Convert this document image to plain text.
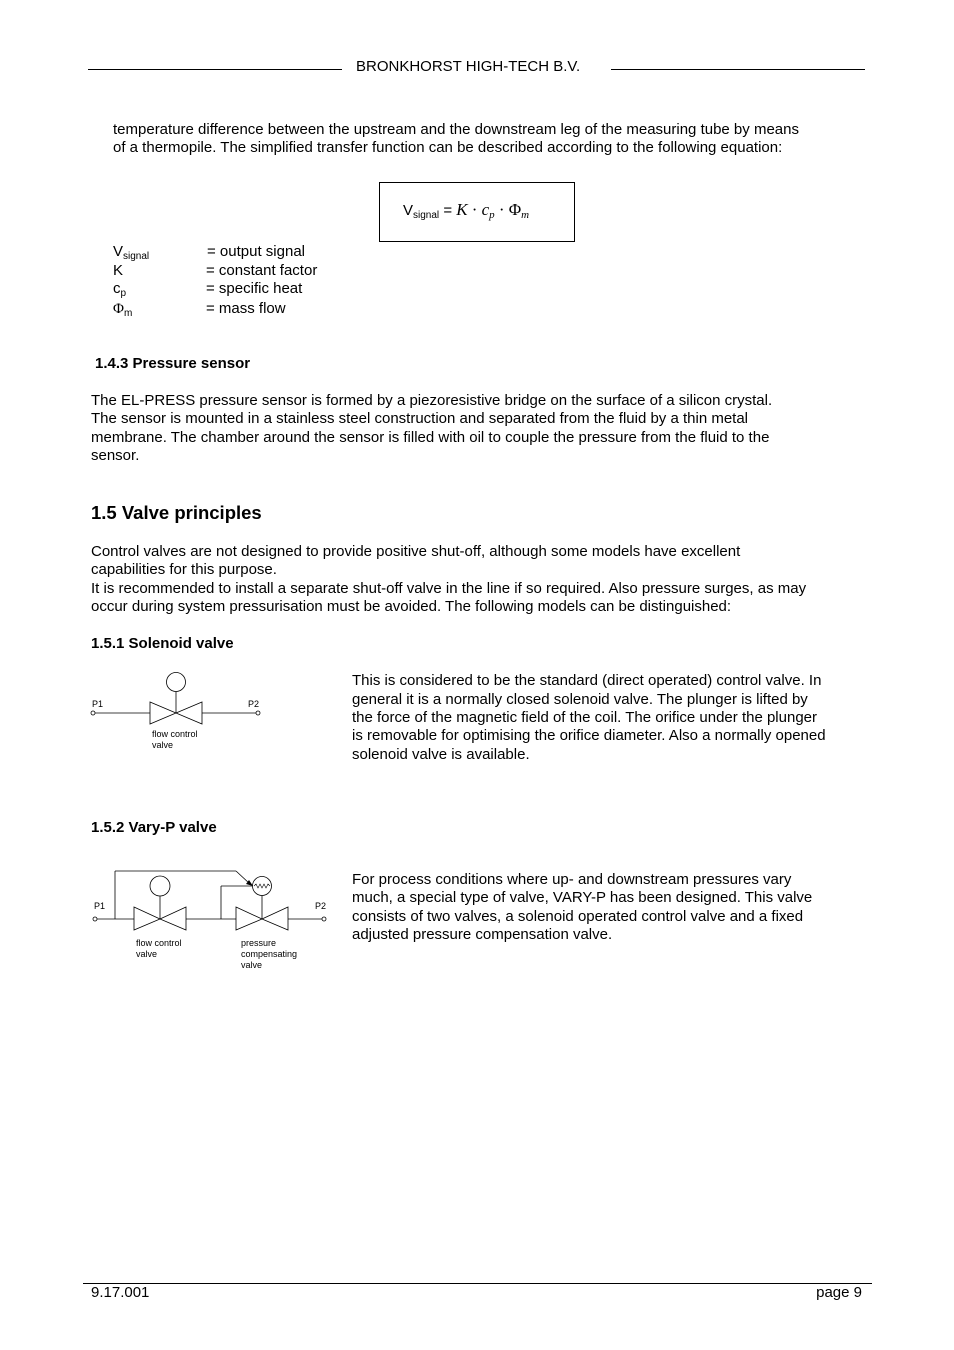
BRONKHORST HIGH-TECH B.V.
temperature difference between the upstream and the downstream leg of the measuring tube by means
of a thermopile. The simplified transfer function can be described according to the following equation:
$V_{signal} = K \cdot c_p \cdot \Phi_m$
$V_{signal}$	= output signal
K	= constant factor
$c_p$	= specific heat
$\Phi_m$	= mass flow
1.4.3 Pressure sensor
The EL-PRESS pressure sensor is formed by a piezoresistive bridge on the surface of a silicon crystal.
The sensor is mounted in a stainless steel construction and separated from the fluid by a thin metal
membrane. The chamber around the sensor is filled with oil to couple the pressure from the fluid to the
sensor.
1.5 Valve principles
Control valves are not designed to provide positive shut-off, although some models have excellent
capabilities for this purpose.
It is recommended to install a separate shut-off valve in the line if so required. Also pressure surges, as may
occur during system pressurisation must be avoided. The following models can be distinguished:
1.5.1 Solenoid valve
P1	P2
flow control
valve
This is considered to be the standard (direct operated) control valve. In
general it is a normally closed solenoid valve. The plunger is lifted by
the force of the magnetic field of the coil. The orifice under the plunger
is removable for optimising the orifice diameter. Also a normally opened
solenoid valve is available.
1.5.2 Vary-P valve
P1	P2
flow control
valve
pressure
compensating
valve
For process conditions where up- and downstream pressures vary
much, a special type of valve, VARY-P has been designed. This valve
consists of two valves, a solenoid operated control valve and a fixed
adjusted pressure compensation valve.
9.17.001	page 9
